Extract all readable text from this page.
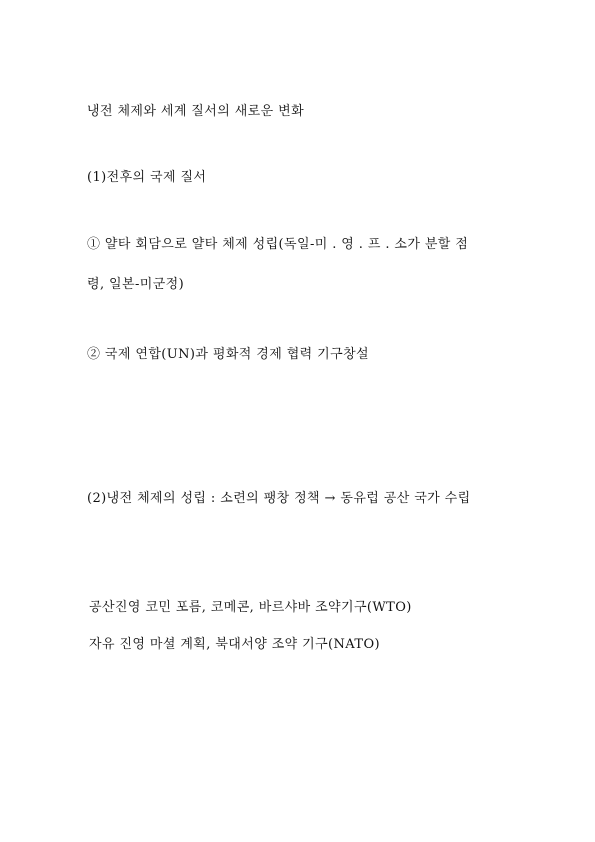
냉전 체제와 세계 질서의 새로운 변화
(1)전후의 국제 질서
① 얄타 회담으로 얄타 체제 성립(독일-미 . 영 . 프 . 소가 분할 점
령, 일본-미군정)
② 국제 연합(UN)과 평화적 경제 협력 기구창설
(2)냉전 체제의 성립 : 소련의 팽창 정책 → 동유럽 공산 국가 수립
공산진영 코민 포름, 코메콘, 바르샤바 조약기구(WTO)
자유 진영 마셜 계획, 북대서양 조약 기구(NATO)
